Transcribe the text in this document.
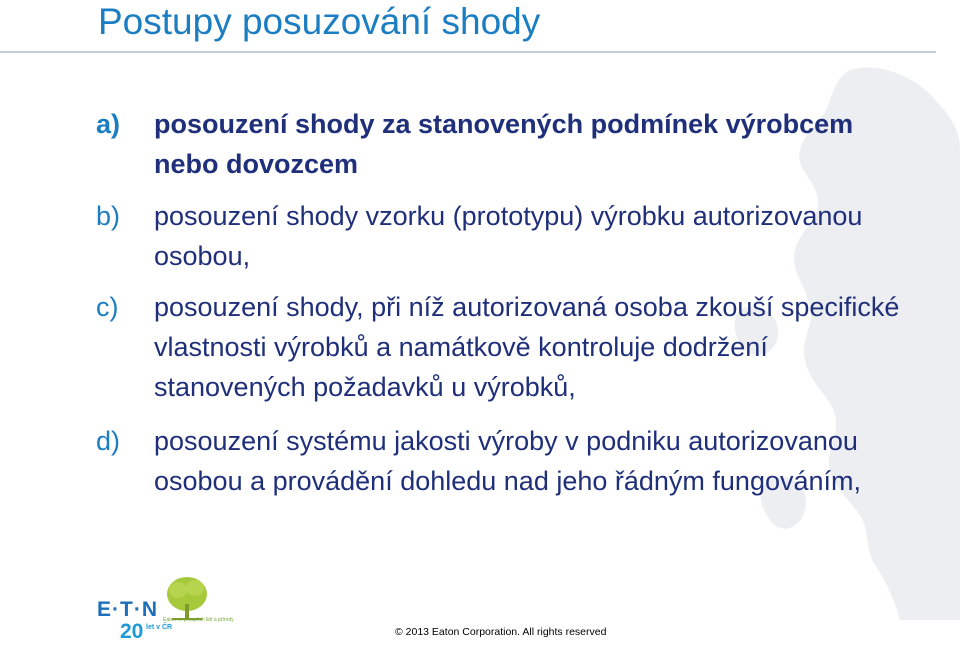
Postupy posuzování shody
a) posouzení shody za stanovených podmínek výrobcem nebo dovozcem
b) posouzení shody vzorku (prototypu) výrobku autorizovanou osobou,
c) posouzení shody, při níž autorizovaná osoba zkouší specifické vlastnosti výrobků a namátkově kontroluje dodržení stanovených požadavků u výrobků,
d) posouzení systému jakosti výroby v podniku autorizovanou osobou a provádění dohledu nad jeho řádným fungováním,
E·T·N
20 let v ČR
Eaton ve prospěch lidí a přírody
© 2013 Eaton Corporation. All rights reserved
